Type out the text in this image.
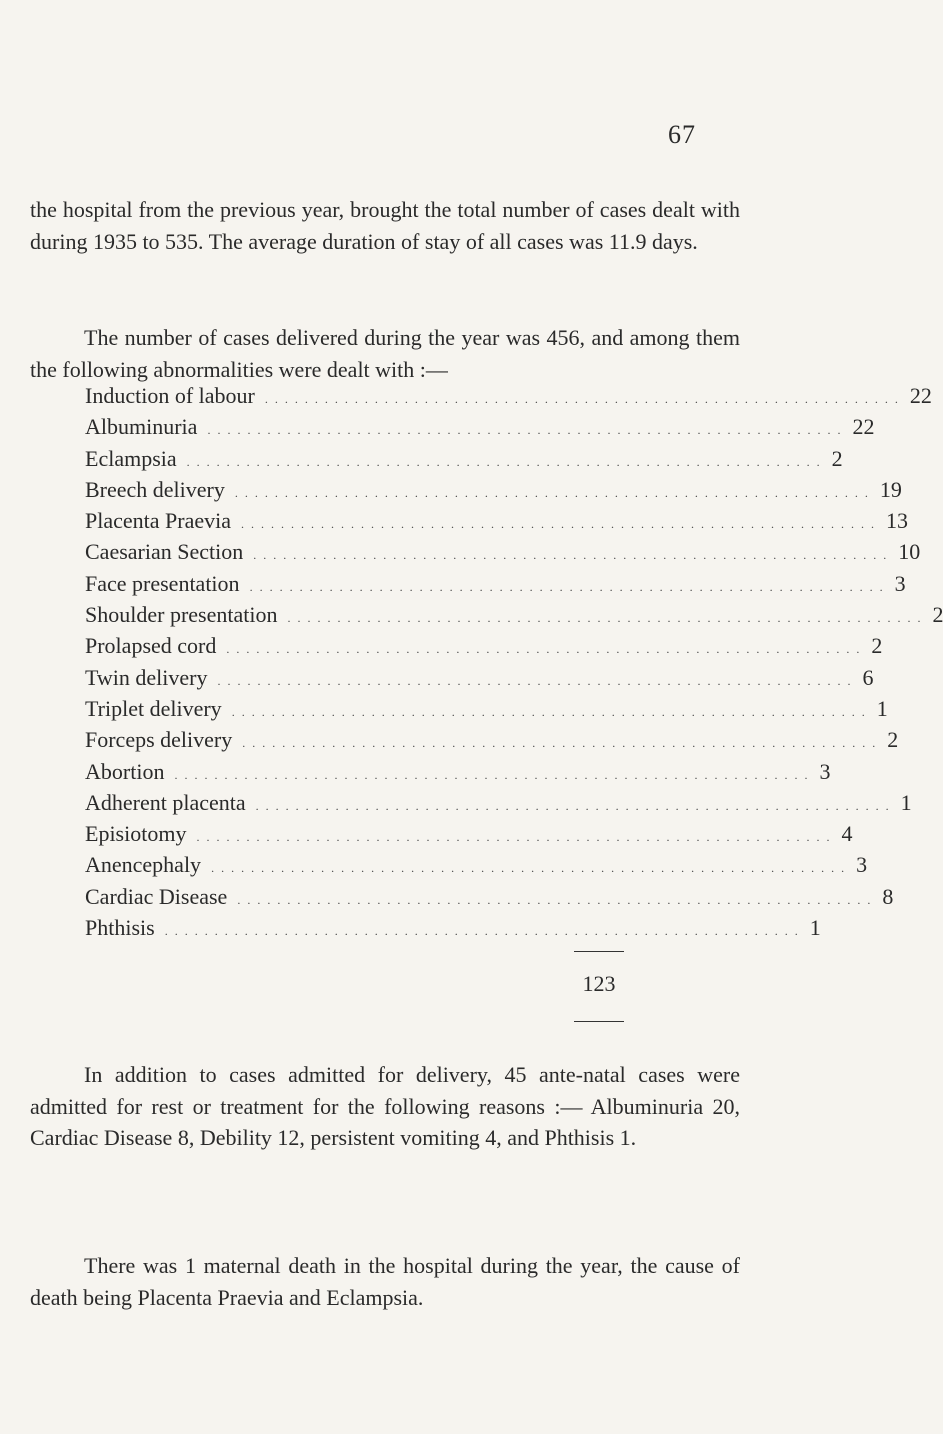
67

the hospital from the previous year, brought the total number of cases dealt with during 1935 to 535. The average duration of stay of all cases was 11.9 days.

The number of cases delivered during the year was 456, and among them the following abnormalities were dealt with :—

Induction of labour . . . . . . . . . . . . . . . . . . . . . . . . . . . . . . . . . . . . . . . . . . . . . . . . . . . . . . . . . . . . . . . . 22
Albuminuria . . . . . . . . . . . . . . . . . . . . . . . . . . . . . . . . . . . . . . . . . . . . . . . . . . . . . . . . . . . . . . . . 22
Eclampsia . . . . . . . . . . . . . . . . . . . . . . . . . . . . . . . . . . . . . . . . . . . . . . . . . . . . . . . . . . . . . . . . 2
Breech delivery . . . . . . . . . . . . . . . . . . . . . . . . . . . . . . . . . . . . . . . . . . . . . . . . . . . . . . . . . . . . . . . . 19
Placenta Praevia . . . . . . . . . . . . . . . . . . . . . . . . . . . . . . . . . . . . . . . . . . . . . . . . . . . . . . . . . . . . . . . . 13
Caesarian Section . . . . . . . . . . . . . . . . . . . . . . . . . . . . . . . . . . . . . . . . . . . . . . . . . . . . . . . . . . . . . . . . 10
Face presentation . . . . . . . . . . . . . . . . . . . . . . . . . . . . . . . . . . . . . . . . . . . . . . . . . . . . . . . . . . . . . . . . 3
Shoulder presentation . . . . . . . . . . . . . . . . . . . . . . . . . . . . . . . . . . . . . . . . . . . . . . . . . . . . . . . . . . . . . . . . 2
Prolapsed cord . . . . . . . . . . . . . . . . . . . . . . . . . . . . . . . . . . . . . . . . . . . . . . . . . . . . . . . . . . . . . . . . 2
Twin delivery . . . . . . . . . . . . . . . . . . . . . . . . . . . . . . . . . . . . . . . . . . . . . . . . . . . . . . . . . . . . . . . . 6
Triplet delivery . . . . . . . . . . . . . . . . . . . . . . . . . . . . . . . . . . . . . . . . . . . . . . . . . . . . . . . . . . . . . . . . 1
Forceps delivery . . . . . . . . . . . . . . . . . . . . . . . . . . . . . . . . . . . . . . . . . . . . . . . . . . . . . . . . . . . . . . . . 2
Abortion . . . . . . . . . . . . . . . . . . . . . . . . . . . . . . . . . . . . . . . . . . . . . . . . . . . . . . . . . . . . . . . . 3
Adherent placenta . . . . . . . . . . . . . . . . . . . . . . . . . . . . . . . . . . . . . . . . . . . . . . . . . . . . . . . . . . . . . . . . 1
Episiotomy . . . . . . . . . . . . . . . . . . . . . . . . . . . . . . . . . . . . . . . . . . . . . . . . . . . . . . . . . . . . . . . . 4
Anencephaly . . . . . . . . . . . . . . . . . . . . . . . . . . . . . . . . . . . . . . . . . . . . . . . . . . . . . . . . . . . . . . . . 3
Cardiac Disease . . . . . . . . . . . . . . . . . . . . . . . . . . . . . . . . . . . . . . . . . . . . . . . . . . . . . . . . . . . . . . . . 8
Phthisis . . . . . . . . . . . . . . . . . . . . . . . . . . . . . . . . . . . . . . . . . . . . . . . . . . . . . . . . . . . . . . . . 1
123

In addition to cases admitted for delivery, 45 ante-natal cases were admitted for rest or treatment for the following reasons :— Albuminuria 20, Cardiac Disease 8, Debility 12, persistent vomiting 4, and Phthisis 1.

There was 1 maternal death in the hospital during the year, the cause of death being Placenta Praevia and Eclampsia.
